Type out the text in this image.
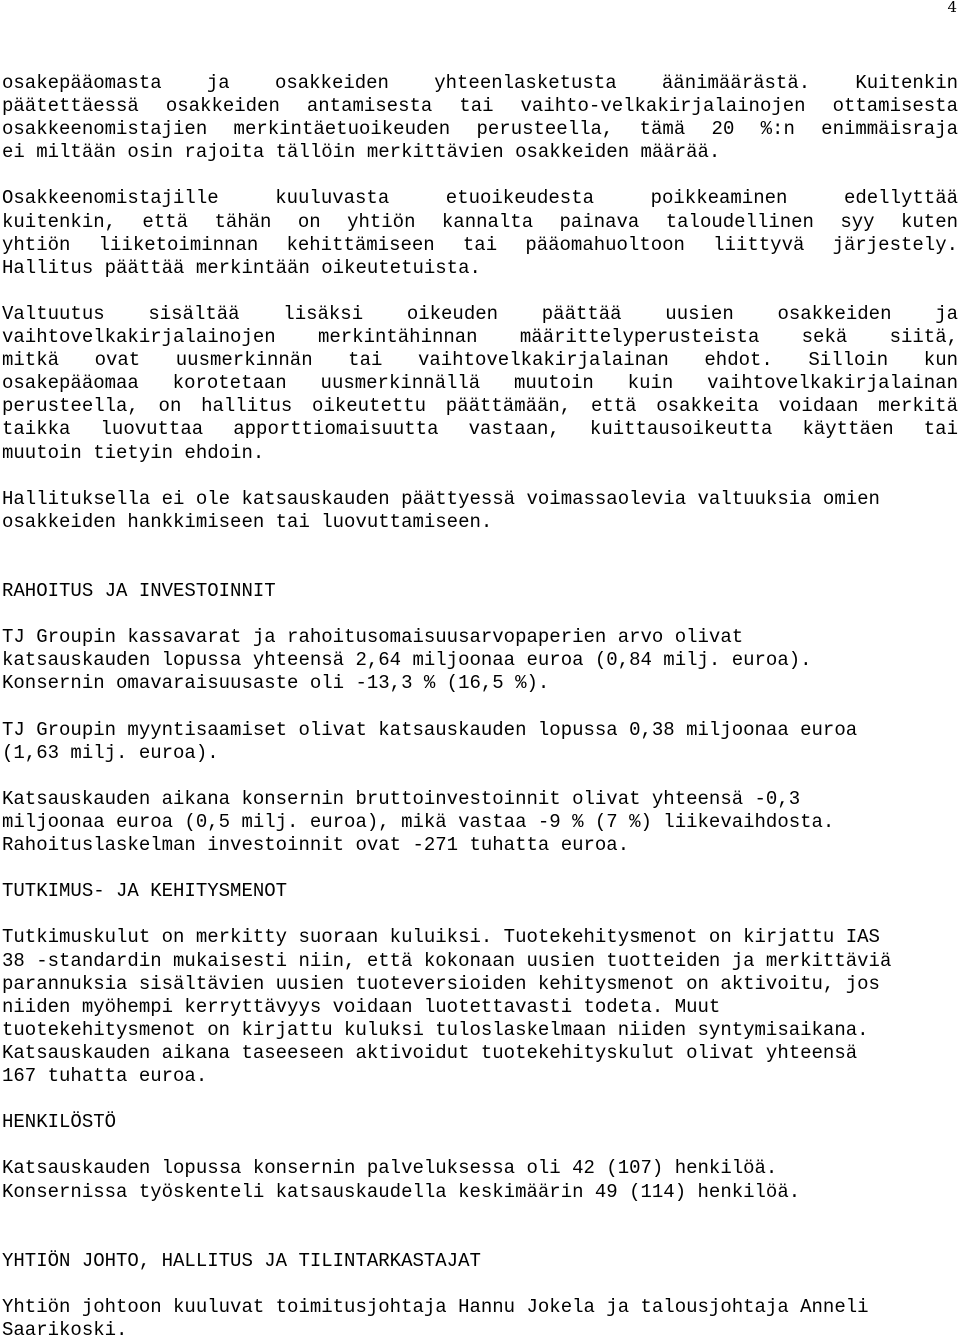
4
osakepääomasta ja osakkeiden yhteenlasketusta äänimäärästä. Kuitenkin
päätettäessä osakkeiden antamisesta tai vaihto-velkakirjalainojen ottamisesta
osakkeenomistajien merkintäetuoikeuden perusteella, tämä 20 %:n enimmäisraja
ei miltään osin rajoita tällöin merkittävien osakkeiden määrää.
Osakkeenomistajille kuuluvasta etuoikeudesta poikkeaminen edellyttää
kuitenkin, että tähän on yhtiön kannalta painava taloudellinen syy kuten
yhtiön liiketoiminnan kehittämiseen tai pääomahuoltoon liittyvä järjestely.
Hallitus päättää merkintään oikeutetuista.
Valtuutus sisältää lisäksi oikeuden päättää uusien osakkeiden ja
vaihtovelkakirjalainojen merkintähinnan määrittelyperusteista sekä siitä,
mitkä ovat uusmerkinnän tai vaihtovelkakirjalainan ehdot. Silloin kun
osakepääomaa korotetaan uusmerkinnällä muutoin kuin vaihtovelkakirjalainan
perusteella, on hallitus oikeutettu päättämään, että osakkeita voidaan merkitä
taikka luovuttaa apporttiomaisuutta vastaan, kuittausoikeutta käyttäen tai
muutoin tietyin ehdoin.
Hallituksella ei ole katsauskauden päättyessä voimassaolevia valtuuksia omien
osakkeiden hankkimiseen tai luovuttamiseen.
RAHOITUS JA INVESTOINNIT
TJ Groupin kassavarat ja rahoitusomaisuusarvopaperien arvo olivat
katsauskauden lopussa yhteensä 2,64 miljoonaa euroa (0,84 milj. euroa).
Konsernin omavaraisuusaste oli -13,3 % (16,5 %).
TJ Groupin myyntisaamiset olivat katsauskauden lopussa 0,38 miljoonaa euroa
(1,63 milj. euroa).
Katsauskauden aikana konsernin bruttoinvestoinnit olivat yhteensä -0,3
miljoonaa euroa (0,5 milj. euroa), mikä vastaa -9 % (7 %) liikevaihdosta.
Rahoituslaskelman investoinnit ovat -271 tuhatta euroa.
TUTKIMUS- JA KEHITYSMENOT
Tutkimuskulut on merkitty suoraan kuluiksi. Tuotekehitysmenot on kirjattu IAS
38 -standardin mukaisesti niin, että kokonaan uusien tuotteiden ja merkittäviä
parannuksia sisältävien uusien tuoteversioiden kehitysmenot on aktivoitu, jos
niiden myöhempi kerryttävyys voidaan luotettavasti todeta. Muut
tuotekehitysmenot on kirjattu kuluksi tuloslaskelmaan niiden syntymisaikana.
Katsauskauden aikana taseeseen aktivoidut tuotekehityskulut olivat yhteensä
167 tuhatta euroa.
HENKILÖSTÖ
Katsauskauden lopussa konsernin palveluksessa oli 42 (107) henkilöä.
Konsernissa työskenteli katsauskaudella keskimäärin 49 (114) henkilöä.
YHTIÖN JOHTO, HALLITUS JA TILINTARKASTAJAT
Yhtiön johtoon kuuluvat toimitusjohtaja Hannu Jokela ja talousjohtaja Anneli
Saarikoski.
